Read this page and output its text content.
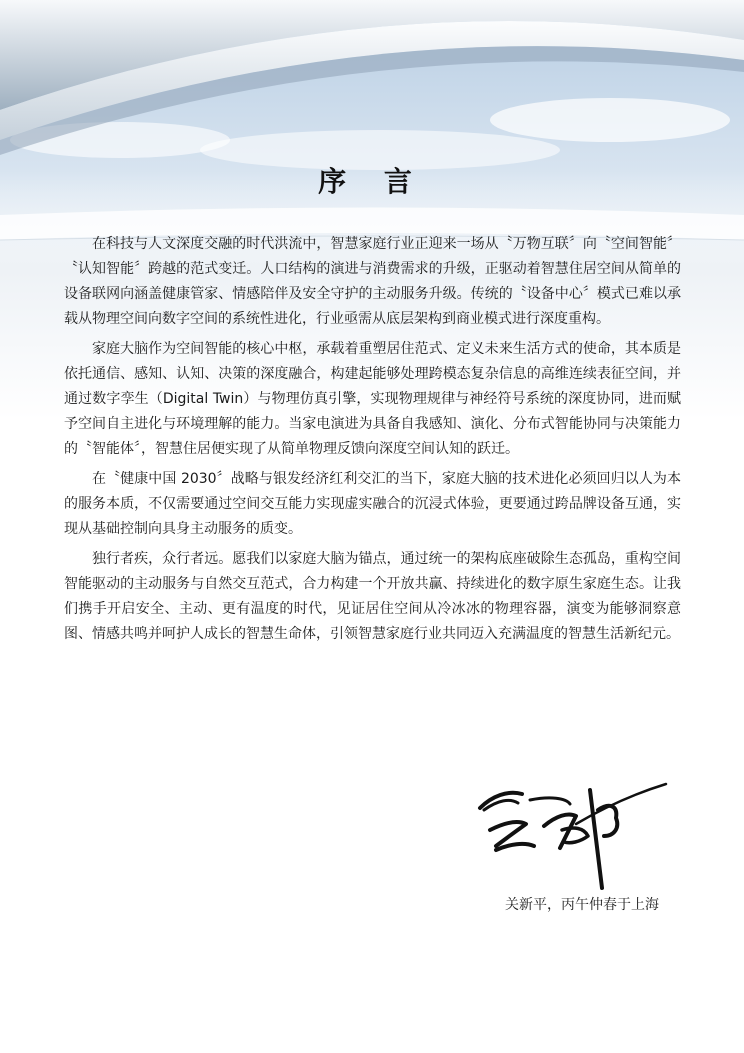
序 言

在科技与人文深度交融的时代洪流中，智慧家庭行业正迎来一场从〝万物互联〞向〝空间智能〞〝认知智能〞跨越的范式变迁。人口结构的演进与消费需求的升级，正驱动着智慧住居空间从简单的设备联网向涵盖健康管家、情感陪伴及安全守护的主动服务升级。传统的〝设备中心〞模式已难以承载从物理空间向数字空间的系统性进化，行业亟需从底层架构到商业模式进行深度重构。

家庭大脑作为空间智能的核心中枢，承载着重塑居住范式、定义未来生活方式的使命，其本质是依托通信、感知、认知、决策的深度融合，构建起能够处理跨模态复杂信息的高维连续表征空间，并通过数字孪生（Digital Twin）与物理仿真引擎，实现物理规律与神经符号系统的深度协同，进而赋予空间自主进化与环境理解的能力。当家电演进为具备自我感知、演化、分布式智能协同与决策能力的〝智能体〞，智慧住居便实现了从简单物理反馈向深度空间认知的跃迁。

在〝健康中国 2030〞战略与银发经济红利交汇的当下，家庭大脑的技术进化必须回归以人为本的服务本质，不仅需要通过空间交互能力实现虚实融合的沉浸式体验，更要通过跨品牌设备互通，实现从基础控制向具身主动服务的质变。

独行者疾，众行者远。愿我们以家庭大脑为锚点，通过统一的架构底座破除生态孤岛，重构空间智能驱动的主动服务与自然交互范式，合力构建一个开放共赢、持续进化的数字原生家庭生态。让我们携手开启安全、主动、更有温度的时代，见证居住空间从冷冰冰的物理容器，演变为能够洞察意图、情感共鸣并呵护人成长的智慧生命体，引领智慧家庭行业共同迈入充满温度的智慧生活新纪元。

关新平，丙午仲春于上海
